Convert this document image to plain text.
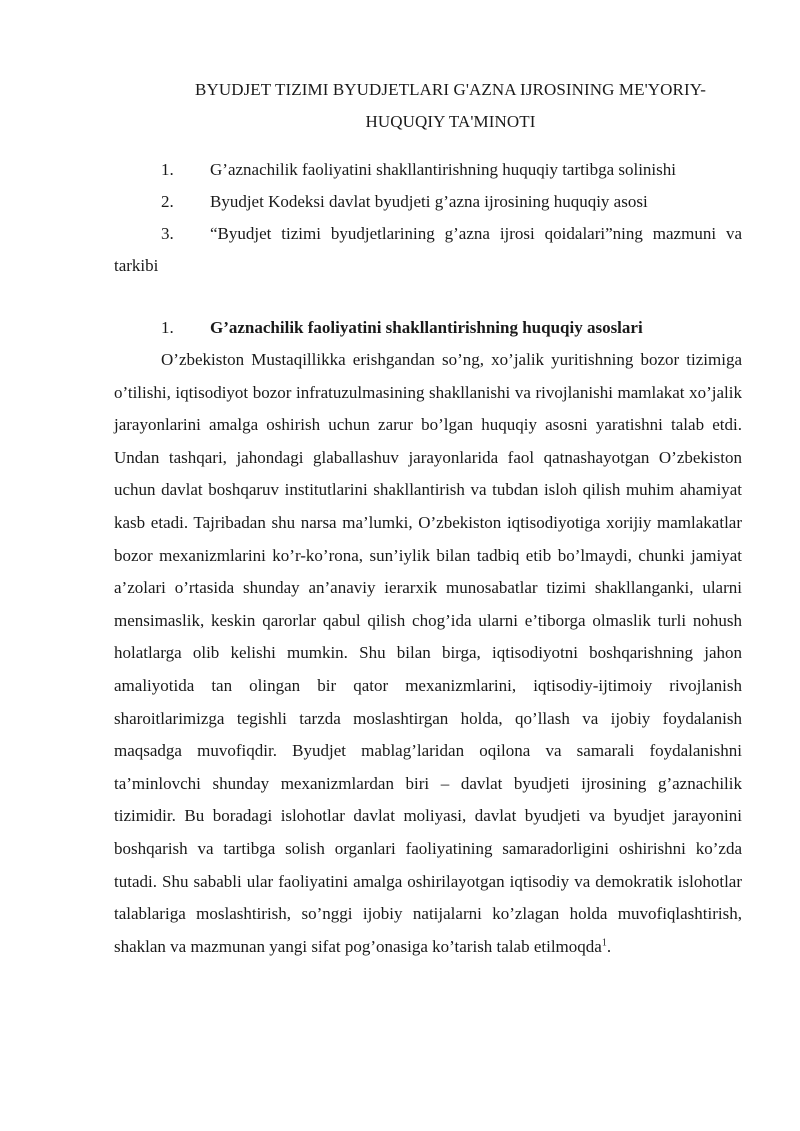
BYUDJET TIZIMI BYUDJETLARI G'AZNA IJROSINING ME'YORIY-HUQUQIY TA'MINOTI
1. G’aznachilik faoliyatini shakllantirishning huquqiy tartibga solinishi
2. Byudjet Kodeksi davlat byudjeti g’azna ijrosining huquqiy asosi
3. “Byudjet tizimi byudjetlarining g’azna ijrosi qoidalari”ning mazmuni va tarkibi
1. G’aznachilik faoliyatini shakllantirishning huquqiy asoslari

O’zbekiston Mustaqillikka erishgandan so’ng, xo’jalik yuritishning bozor tizimiga o’tilishi, iqtisodiyot bozor infratuzulmasining shakllanishi va rivojlanishi mamlakat xo’jalik jarayonlarini amalga oshirish uchun zarur bo’lgan huquqiy asosni yaratishni talab etdi. Undan tashqari, jahondagi glaballashuv jarayonlarida faol qatnashayotgan O’zbekiston uchun davlat boshqaruv institutlarini shakllantirish va tubdan isloh qilish muhim ahamiyat kasb etadi. Tajribadan shu narsa ma’lumki, O’zbekiston iqtisodiyotiga xorijiy mamlakatlar bozor mexanizmlarini ko’r-ko’rona, sun’iylik bilan tadbiq etib bo’lmaydi, chunki jamiyat a’zolari o’rtasida shunday an’anaviy ierarxik munosabatlar tizimi shakllanganki, ularni mensimaslik, keskin qarorlar qabul qilish chog’ida ularni e’tiborga olmaslik turli nohush holatlarga olib kelishi mumkin. Shu bilan birga, iqtisodiyotni boshqarishning jahon amaliyotida tan olingan bir qator mexanizmlarini, iqtisodiy-ijtimoiy rivojlanish sharoitlarimizga tegishli tarzda moslashtirgan holda, qo’llash va ijobiy foydalanish maqsadga muvofiqdir. Byudjet mablag’laridan oqilona va samarali foydalanishni ta’minlovchi shunday mexanizmlardan biri – davlat byudjeti ijrosining g’aznachilik tizimidir. Bu boradagi islohotlar davlat moliyasi, davlat byudjeti va byudjet jarayonini boshqarish va tartibga solish organlari faoliyatining samaradorligini oshirishni ko’zda tutadi. Shu sababli ular faoliyatini amalga oshirilayotgan iqtisodiy va demokratik islohotlar talablariga moslashtirish, so’nggi ijobiy natijalarni ko’zlagan holda muvofiqlashtirish, shaklan va mazmunan yangi sifat pog’onasiga ko’tarish talab etilmoqda$^1$.
